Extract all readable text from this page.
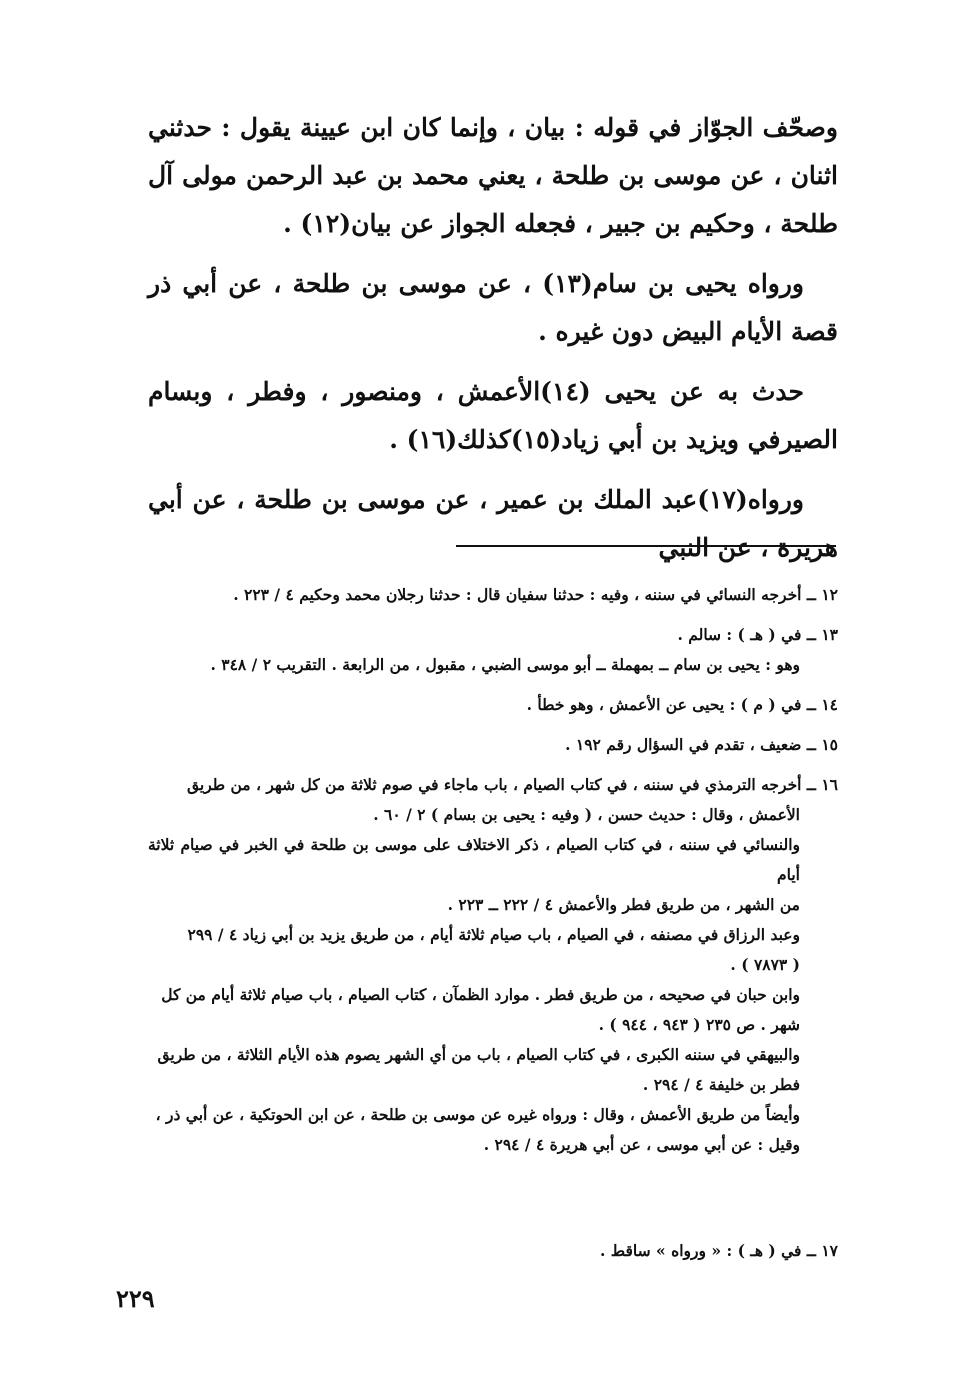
وصحّف الجوّاز في قوله : بيان ، وإنما كان ابن عيينة يقول : حدثني اثنان ، عن موسى بن طلحة ، يعني محمد بن عبد الرحمن مولى آل طلحة ، وحكيم بن جبير ، فجعله الجواز عن بيان(١٢) .

ورواه يحيى بن سام(١٣) ، عن موسى بن طلحة ، عن أبي ذر قصة الأيام البيض دون غيره .

حدث به عن يحيى (١٤)الأعمش ، ومنصور ، وفطر ، وبسام الصيرفي ويزيد بن أبي زياد(١٥)كذلك(١٦) .

ورواه(١٧)عبد الملك بن عمير ، عن موسى بن طلحة ، عن أبي هريرة ، عن النبي

١٢ ــ أخرجه النسائي في سننه ، وفيه : حدثنا سفيان قال : حدثنا رجلان محمد وحكيم ٤ / ٢٢٣ .
١٣ ــ في ( هـ ) : سالم .
وهو : يحيى بن سام ــ بمهملة ــ أبو موسى الضبي ، مقبول ، من الرابعة . التقريب ٢ / ٣٤٨ .
١٤ ــ في ( م ) : يحيى عن الأعمش ، وهو خطأ .
١٥ ــ ضعيف ، تقدم في السؤال رقم ١٩٢ .
١٦ ــ أخرجه الترمذي في سننه ، في كتاب الصيام ، باب ماجاء في صوم ثلاثة من كل شهر ، من طريق
الأعمش ، وقال : حديث حسن ، ( وفيه : يحيى بن بسام ) ٢ / ٦٠ .
والنسائي في سننه ، في كتاب الصيام ، ذكر الاختلاف على موسى بن طلحة في الخبر في صيام ثلاثة أيام
من الشهر ، من طريق فطر والأعمش ٤ / ٢٢٢ ــ ٢٢٣ .
وعبد الرزاق في مصنفه ، في الصيام ، باب صيام ثلاثة أيام ، من طريق يزيد بن أبي زياد ٤ / ٢٩٩
( ٧٨٧٣ ) .
وابن حبان في صحيحه ، من طريق فطر . موارد الظمآن ، كتاب الصيام ، باب صيام ثلاثة أيام من كل
شهر . ص ٢٣٥ ( ٩٤٣ ، ٩٤٤ ) .
والبيهقي في سننه الكبرى ، في كتاب الصيام ، باب من أي الشهر يصوم هذه الأيام الثلاثة ، من طريق
فطر بن خليفة ٤ / ٢٩٤ .
وأيضاً من طريق الأعمش ، وقال : ورواه غيره عن موسى بن طلحة ، عن ابن الحوتكية ، عن أبي ذر ،
وقيل : عن أبي موسى ، عن أبي هريرة ٤ / ٢٩٤ .
١٧ ــ في ( هـ ) : « ورواه » ساقط .
٢٢٩
